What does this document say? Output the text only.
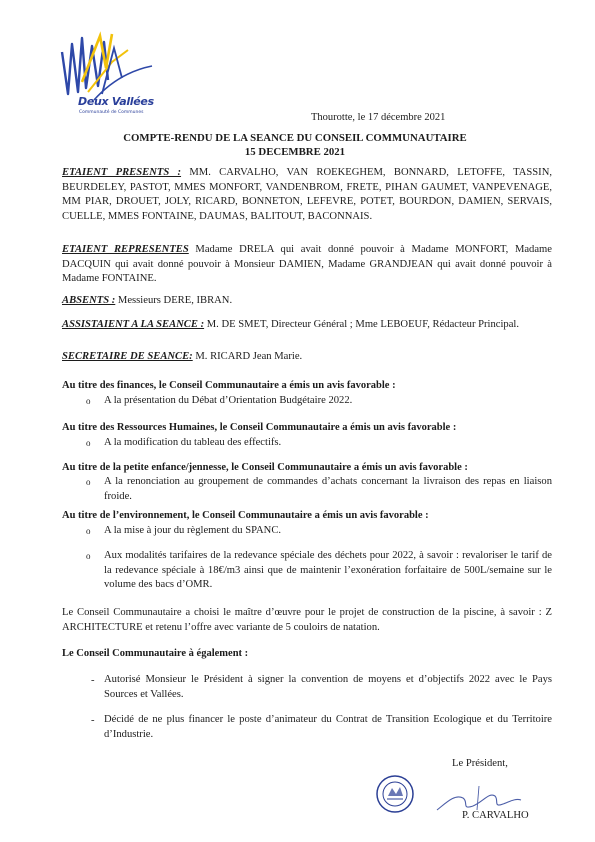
Deux Vallées
Communauté de Communes	Thourotte, le 17 décembre 2021
COMPTE-RENDU DE LA SEANCE DU CONSEIL COMMUNAUTAIRE
15 DECEMBRE 2021
ETAIENT PRESENTS : MM. CARVALHO, VAN ROEKEGHEM, BONNARD, LETOFFE, TASSIN, BEURDELEY, PASTOT, MMES MONFORT, VANDENBROM, FRETE, PIHAN GAUMET, VANPEVENAGE, MM PIAR, DROUET, JOLY, RICARD, BONNETON, LEFEVRE, POTET, BOURDON, DAMIEN, SERVAIS, CUELLE, MMES FONTAINE, DAUMAS, BALITOUT, BACONNAIS.
ETAIENT REPRESENTES Madame DRELA qui avait donné pouvoir à Madame MONFORT, Madame DACQUIN qui avait donné pouvoir à Monsieur DAMIEN, Madame GRANDJEAN qui avait donné pouvoir à Madame FONTAINE.
ABSENTS : Messieurs DERE, IBRAN.
ASSISTAIENT A LA SEANCE : M. DE SMET, Directeur Général ; Mme LEBOEUF, Rédacteur Principal.
SECRETAIRE DE SEANCE: M. RICARD Jean Marie.
Au titre des finances, le Conseil Communautaire a émis un avis favorable :
o A la présentation du Débat d’Orientation Budgétaire 2022.
Au titre des Ressources Humaines, le Conseil Communautaire a émis un avis favorable :
o A la modification du tableau des effectifs.
Au titre de la petite enfance/jennesse, le Conseil Communautaire a émis un avis favorable :
o A la renonciation au groupement de commandes d’achats concernant la livraison des repas en liaison froide.
Au titre de l’environnement, le Conseil Communautaire a émis un avis favorable :
o A la mise à jour du règlement du SPANC.
o Aux modalités tarifaires de la redevance spéciale des déchets pour 2022, à savoir : revaloriser le tarif de la redevance spéciale à 18€/m3 ainsi que de maintenir l’exonération forfaitaire de 500L/semaine sur le volume des bacs d’OMR.
Le Conseil Communautaire a choisi le maître d’œuvre pour le projet de construction de la piscine, à savoir : Z ARCHITECTURE et retenu l’offre avec variante de 5 couloirs de natation.
Le Conseil Communautaire à également :
- Autorisé Monsieur le Président à signer la convention de moyens et d’objectifs 2022 avec le Pays Sources et Vallées.
- Décidé de ne plus financer le poste d’animateur du Contrat de Transition Ecologique et du Territoire d’Industrie.
Le Président,
P. CARVALHO
